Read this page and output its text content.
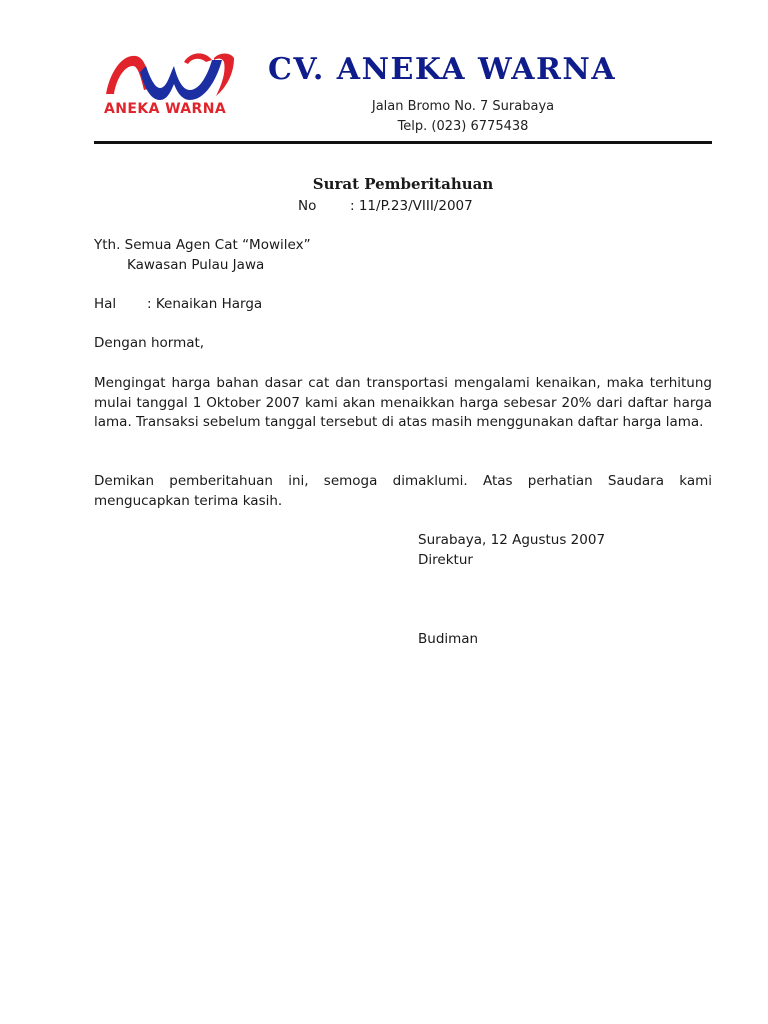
ANEKA WARNA
CV. ANEKA WARNA
Jalan Bromo No. 7 Surabaya
Telp. (023) 6775438
Surat Pemberitahuan
No : 11/P.23/VIII/2007
Yth. Semua Agen Cat “Mowilex”
Kawasan Pulau Jawa
Hal : Kenaikan Harga
Dengan hormat,
Mengingat harga bahan dasar cat dan transportasi mengalami kenaikan, maka terhitung mulai tanggal 1 Oktober 2007 kami akan menaikkan harga sebesar 20% dari daftar harga lama. Transaksi sebelum tanggal tersebut di atas masih menggunakan daftar harga lama.
Demikan pemberitahuan ini, semoga dimaklumi. Atas perhatian Saudara kami mengucapkan terima kasih.
Surabaya, 12 Agustus 2007
Direktur
Budiman
